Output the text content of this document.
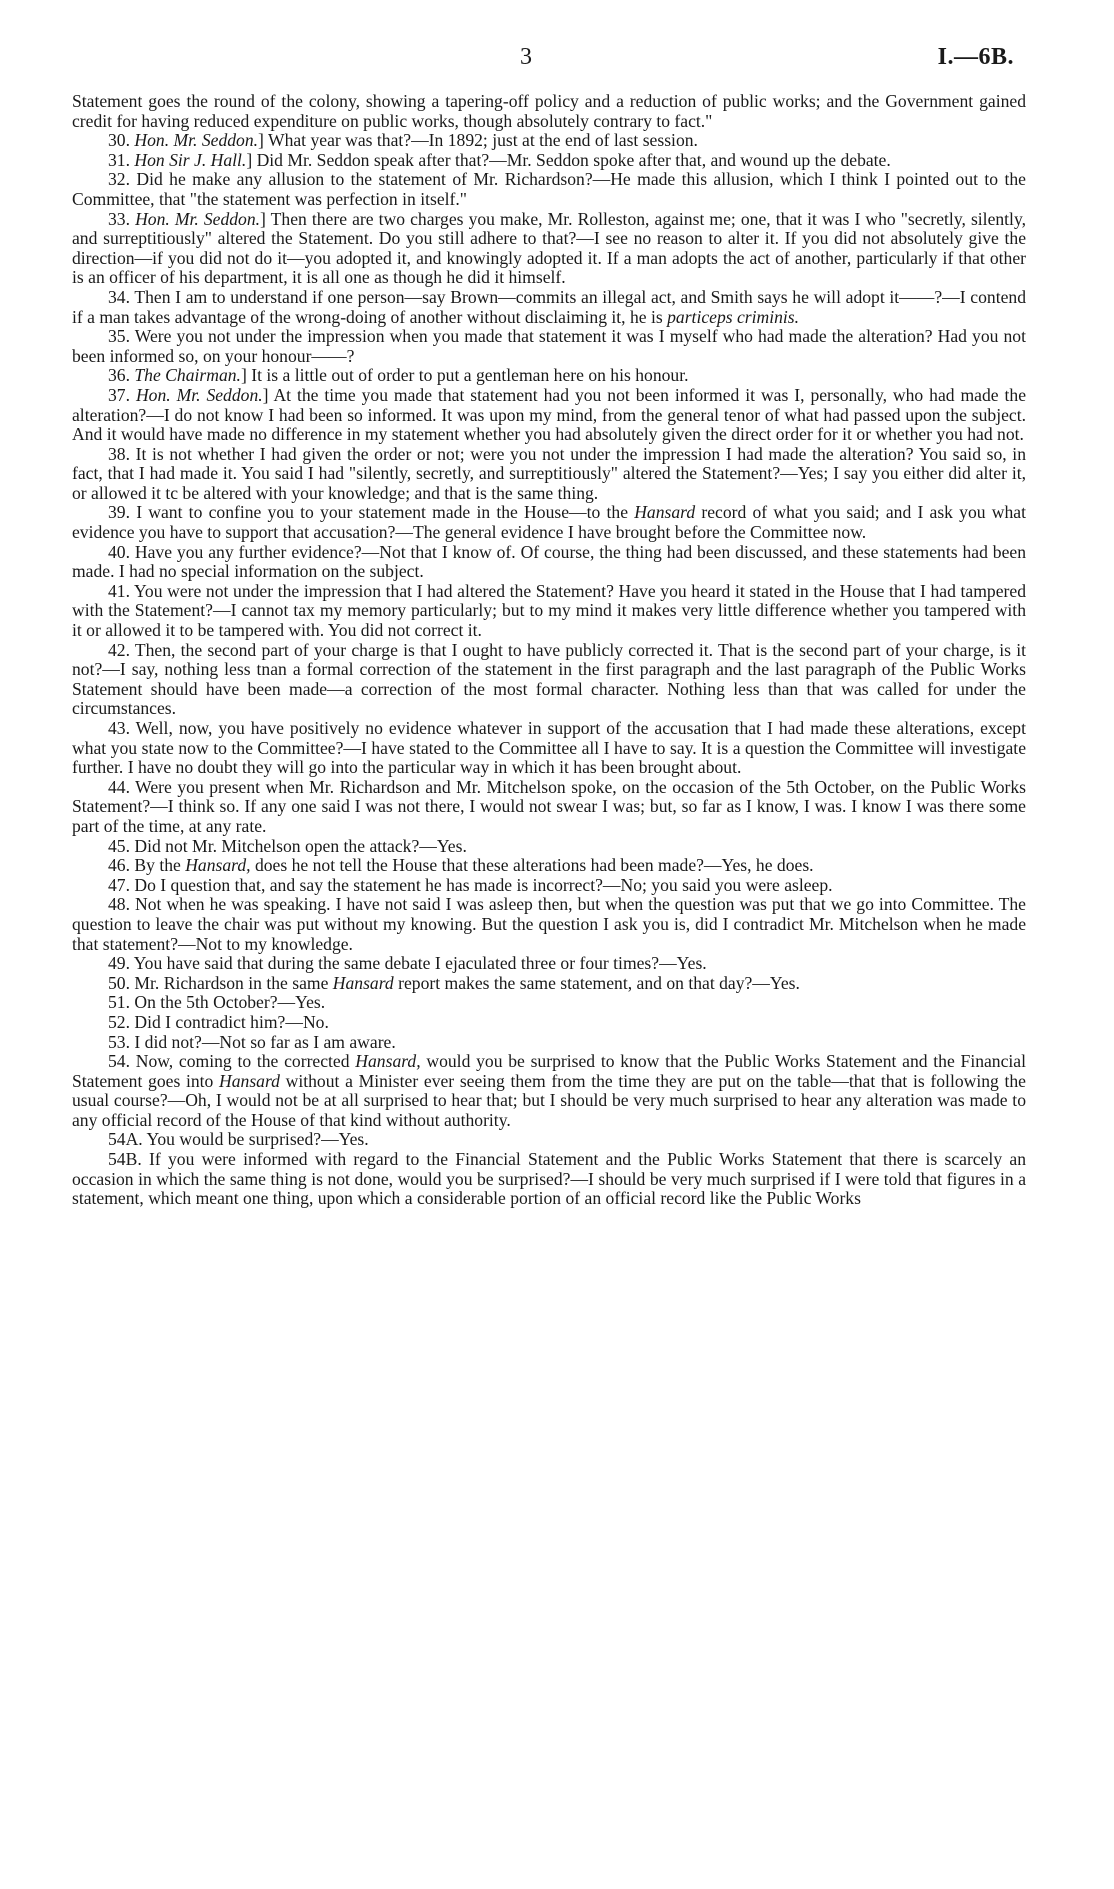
3	I.—6B.

Statement goes the round of the colony, showing a tapering-off policy and a reduction of public works; and the Government gained credit for having reduced expenditure on public works, though absolutely contrary to fact."

30. Hon. Mr. Seddon.] What year was that?—In 1892; just at the end of last session.

31. Hon Sir J. Hall.] Did Mr. Seddon speak after that?—Mr. Seddon spoke after that, and wound up the debate.

32. Did he make any allusion to the statement of Mr. Richardson?—He made this allusion, which I think I pointed out to the Committee, that "the statement was perfection in itself."

33. Hon. Mr. Seddon.] Then there are two charges you make, Mr. Rolleston, against me; one, that it was I who "secretly, silently, and surreptitiously" altered the Statement. Do you still adhere to that?—I see no reason to alter it. If you did not absolutely give the direction—if you did not do it—you adopted it, and knowingly adopted it. If a man adopts the act of another, particularly if that other is an officer of his department, it is all one as though he did it himself.

34. Then I am to understand if one person—say Brown—commits an illegal act, and Smith says he will adopt it——?—I contend if a man takes advantage of the wrong-doing of another without disclaiming it, he is particeps criminis.

35. Were you not under the impression when you made that statement it was I myself who had made the alteration? Had you not been informed so, on your honour——?

36. The Chairman.] It is a little out of order to put a gentleman here on his honour.

37. Hon. Mr. Seddon.] At the time you made that statement had you not been informed it was I, personally, who had made the alteration?—I do not know I had been so informed. It was upon my mind, from the general tenor of what had passed upon the subject. And it would have made no difference in my statement whether you had absolutely given the direct order for it or whether you had not.

38. It is not whether I had given the order or not; were you not under the impression I had made the alteration? You said so, in fact, that I had made it. You said I had "silently, secretly, and surreptitiously" altered the Statement?—Yes; I say you either did alter it, or allowed it tc be altered with your knowledge; and that is the same thing.

39. I want to confine you to your statement made in the House—to the Hansard record of what you said; and I ask you what evidence you have to support that accusation?—The general evidence I have brought before the Committee now.

40. Have you any further evidence?—Not that I know of. Of course, the thing had been discussed, and these statements had been made. I had no special information on the subject.

41. You were not under the impression that I had altered the Statement? Have you heard it stated in the House that I had tampered with the Statement?—I cannot tax my memory particularly; but to my mind it makes very little difference whether you tampered with it or allowed it to be tampered with. You did not correct it.

42. Then, the second part of your charge is that I ought to have publicly corrected it. That is the second part of your charge, is it not?—I say, nothing less tnan a formal correction of the statement in the first paragraph and the last paragraph of the Public Works Statement should have been made—a correction of the most formal character. Nothing less than that was called for under the circumstances.

43. Well, now, you have positively no evidence whatever in support of the accusation that I had made these alterations, except what you state now to the Committee?—I have stated to the Committee all I have to say. It is a question the Committee will investigate further. I have no doubt they will go into the particular way in which it has been brought about.

44. Were you present when Mr. Richardson and Mr. Mitchelson spoke, on the occasion of the 5th October, on the Public Works Statement?—I think so. If any one said I was not there, I would not swear I was; but, so far as I know, I was. I know I was there some part of the time, at any rate.

45. Did not Mr. Mitchelson open the attack?—Yes.

46. By the Hansard, does he not tell the House that these alterations had been made?—Yes, he does.

47. Do I question that, and say the statement he has made is incorrect?—No; you said you were asleep.

48. Not when he was speaking. I have not said I was asleep then, but when the question was put that we go into Committee. The question to leave the chair was put without my knowing. But the question I ask you is, did I contradict Mr. Mitchelson when he made that statement?—Not to my knowledge.

49. You have said that during the same debate I ejaculated three or four times?—Yes.

50. Mr. Richardson in the same Hansard report makes the same statement, and on that day?—Yes.

51. On the 5th October?—Yes.

52. Did I contradict him?—No.

53. I did not?—Not so far as I am aware.

54. Now, coming to the corrected Hansard, would you be surprised to know that the Public Works Statement and the Financial Statement goes into Hansard without a Minister ever seeing them from the time they are put on the table—that that is following the usual course?—Oh, I would not be at all surprised to hear that; but I should be very much surprised to hear any alteration was made to any official record of the House of that kind without authority.

54A. You would be surprised?—Yes.

54B. If you were informed with regard to the Financial Statement and the Public Works Statement that there is scarcely an occasion in which the same thing is not done, would you be surprised?—I should be very much surprised if I were told that figures in a statement, which meant one thing, upon which a considerable portion of an official record like the Public Works
